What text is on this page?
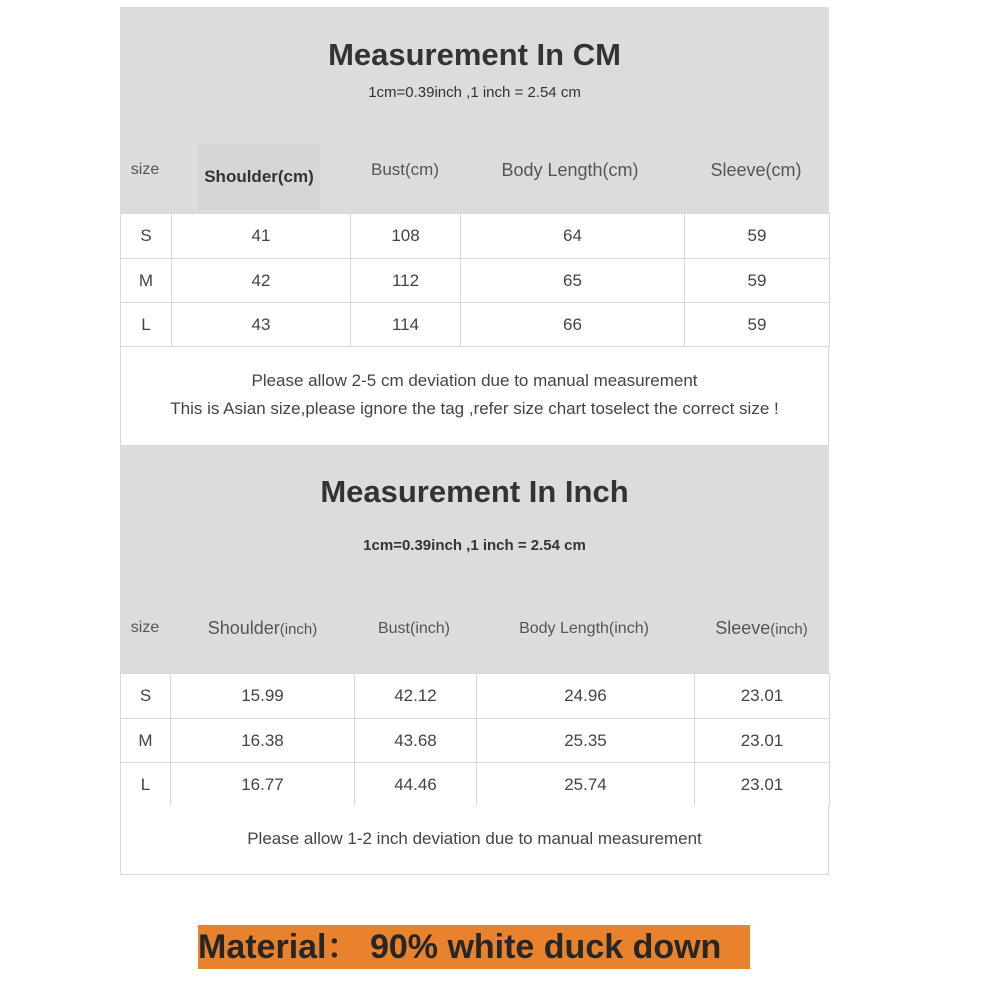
Measurement In CM
1cm=0.39inch ,1 inch = 2.54 cm
size	Shoulder(cm)	Bust(cm)	Body Length(cm)	Sleeve(cm)
S	41	108	64	59
M	42	112	65	59
L	43	114	66	59
Please allow 2-5 cm deviation due to manual measurement
This is Asian size,please ignore the tag ,refer size chart toselect the correct size !
Measurement In Inch
1cm=0.39inch ,1 inch = 2.54 cm
size	Shoulder(inch)	Bust(inch)	Body Length(inch)	Sleeve(inch)
S	15.99	42.12	24.96	23.01
M	16.38	43.68	25.35	23.01
L	16.77	44.46	25.74	23.01
Please allow 1-2 inch deviation due to manual measurement
Material： 90% white duck down
